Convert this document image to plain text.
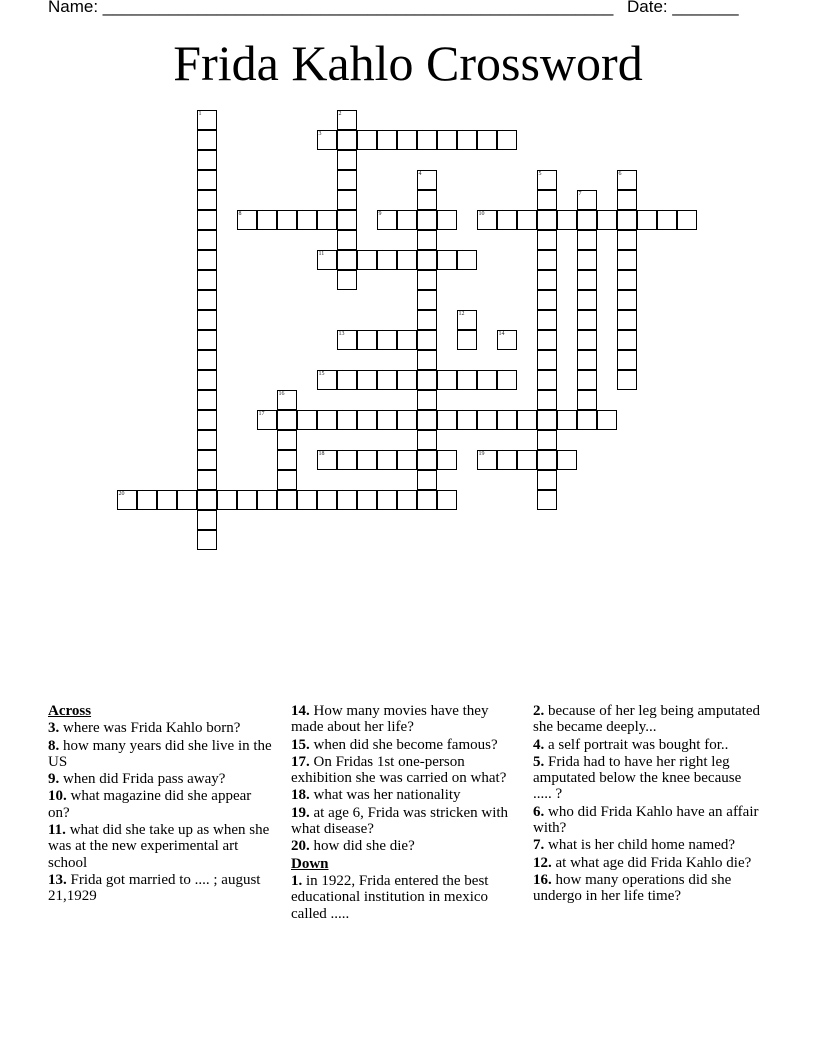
Name: ______________________________________________________ Date: _______
Frida Kahlo Crossword
1	2
3
4	5	6
7
8	9	10
11
12
13	14
15
16
17
18	19
20
Across
3. where was Frida Kahlo born?
8. how many years did she live in the US
9. when did Frida pass away?
10. what magazine did she appear on?
11. what did she take up as when she was at the new experimental art school
13. Frida got married to .... ; august 21,1929
14. How many movies have they made about her life?
15. when did she become famous?
17. On Fridas 1st one-person exhibition she was carried on what?
18. what was her nationality
19. at age 6, Frida was stricken with what disease?
20. how did she die?
Down
1. in 1922, Frida entered the best educational institution in mexico called .....
2. because of her leg being amputated she became deeply...
4. a self portrait was bought for..
5. Frida had to have her right leg amputated below the knee because ..... ?
6. who did Frida Kahlo have an affair with?
7. what is her child home named?
12. at what age did Frida Kahlo die?
16. how many operations did she undergo in her life time?
